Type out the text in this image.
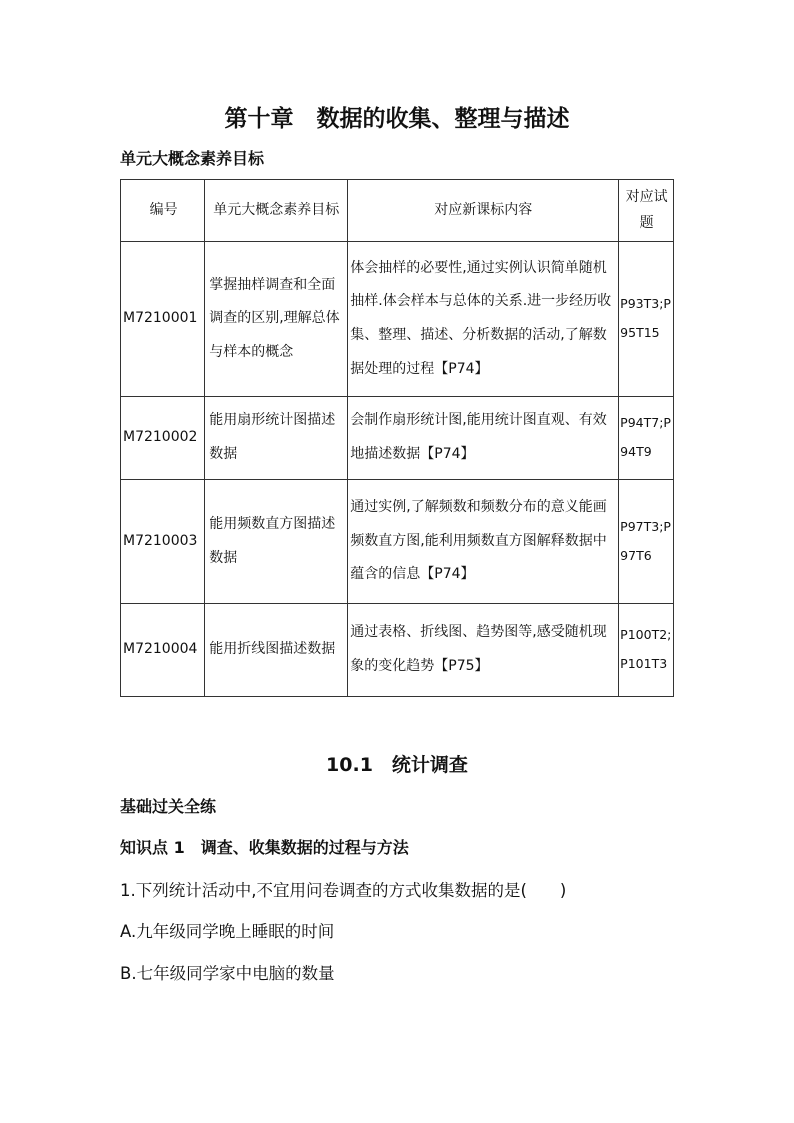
第十章　数据的收集、整理与描述
单元大概念素养目标
编号	单元大概念素养目标	对应新课标内容	对应试题
M7210001	掌握抽样调查和全面调查的区别,理解总体与样本的概念	体会抽样的必要性,通过实例认识简单随机抽样.体会样本与总体的关系.进一步经历收集、整理、描述、分析数据的活动,了解数据处理的过程【P74】	P93T3;P95T15

M7210002	能用扇形统计图描述数据	会制作扇形统计图,能用统计图直观、有效地描述数据【P74】	P94T7;P94T9

M7210003	能用频数直方图描述数据	通过实例,了解频数和频数分布的意义能画频数直方图,能利用频数直方图解释数据中蕴含的信息【P74】	P97T3;P97T6

M7210004	能用折线图描述数据	通过表格、折线图、趋势图等,感受随机现象的变化趋势【P75】	P100T2;P101T3
10.1　统计调查
基础过关全练
知识点 1　调查、收集数据的过程与方法
1.下列统计活动中,不宜用问卷调查的方式收集数据的是(　　)
A.九年级同学晚上睡眠的时间
B.七年级同学家中电脑的数量
